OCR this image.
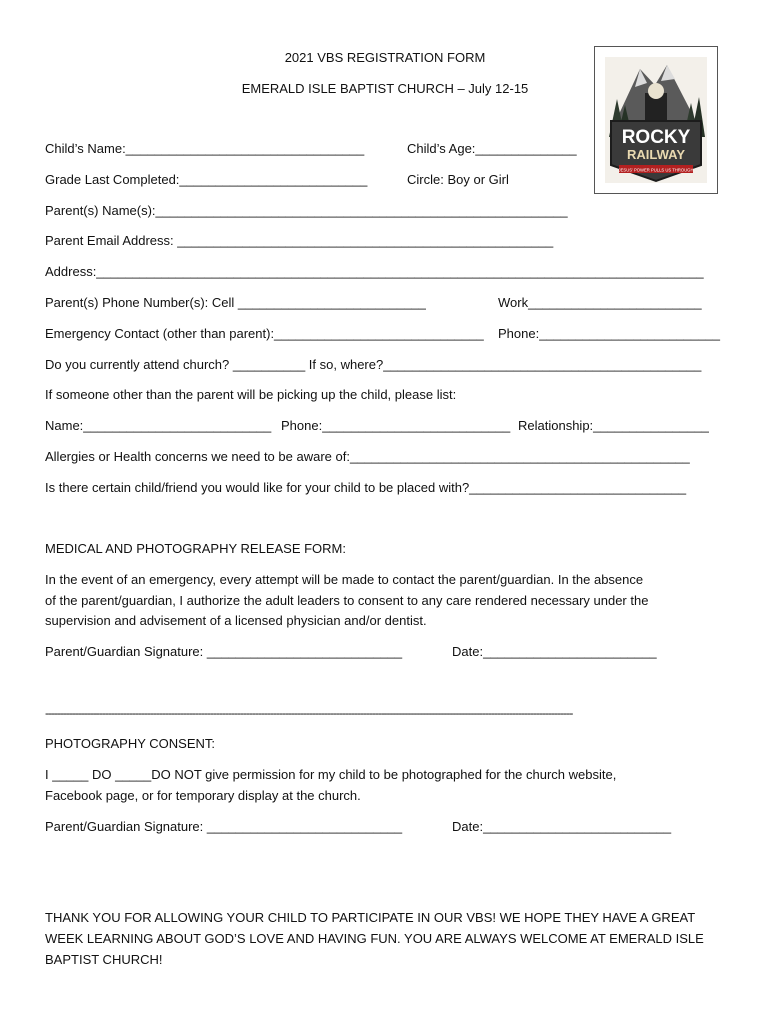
2021 VBS REGISTRATION FORM
EMERALD ISLE BAPTIST CHURCH – July 12-15
ROCKY
RAILWAY
JESUS' POWER PULLS US THROUGH
Child’s Name:_________________________________	Child’s Age:______________
Grade Last Completed:__________________________	Circle: Boy or Girl
Parent(s) Name(s):_________________________________________________________
Parent Email Address: ____________________________________________________
Address:____________________________________________________________________________________
Parent(s) Phone Number(s): Cell __________________________	Work________________________
Emergency Contact (other than parent):_____________________________ Phone:_________________________
Do you currently attend church? __________ If so, where?____________________________________________
If someone other than the parent will be picking up the child, please list:
Name:__________________________ Phone:__________________________ Relationship:________________
Allergies or Health concerns we need to be aware of:_______________________________________________
Is there certain child/friend you would like for your child to be placed with?______________________________
MEDICAL AND PHOTOGRAPHY RELEASE FORM:
In the event of an emergency, every attempt will be made to contact the parent/guardian. In the absence
of the parent/guardian, I authorize the adult leaders to consent to any care rendered necessary under the
supervision and advisement of a licensed physician and/or dentist.
Parent/Guardian Signature: ___________________________	Date:________________________
--------------------------------------------------------------------------------------------------------------------------------------------------------------------------------
PHOTOGRAPHY CONSENT:
I _____ DO _____DO NOT give permission for my child to be photographed for the church website,
Facebook page, or for temporary display at the church.
Parent/Guardian Signature: ___________________________	Date:__________________________
THANK YOU FOR ALLOWING YOUR CHILD TO PARTICIPATE IN OUR VBS! WE HOPE THEY HAVE A GREAT
WEEK LEARNING ABOUT GOD’S LOVE AND HAVING FUN. YOU ARE ALWAYS WELCOME AT EMERALD ISLE
BAPTIST CHURCH!
